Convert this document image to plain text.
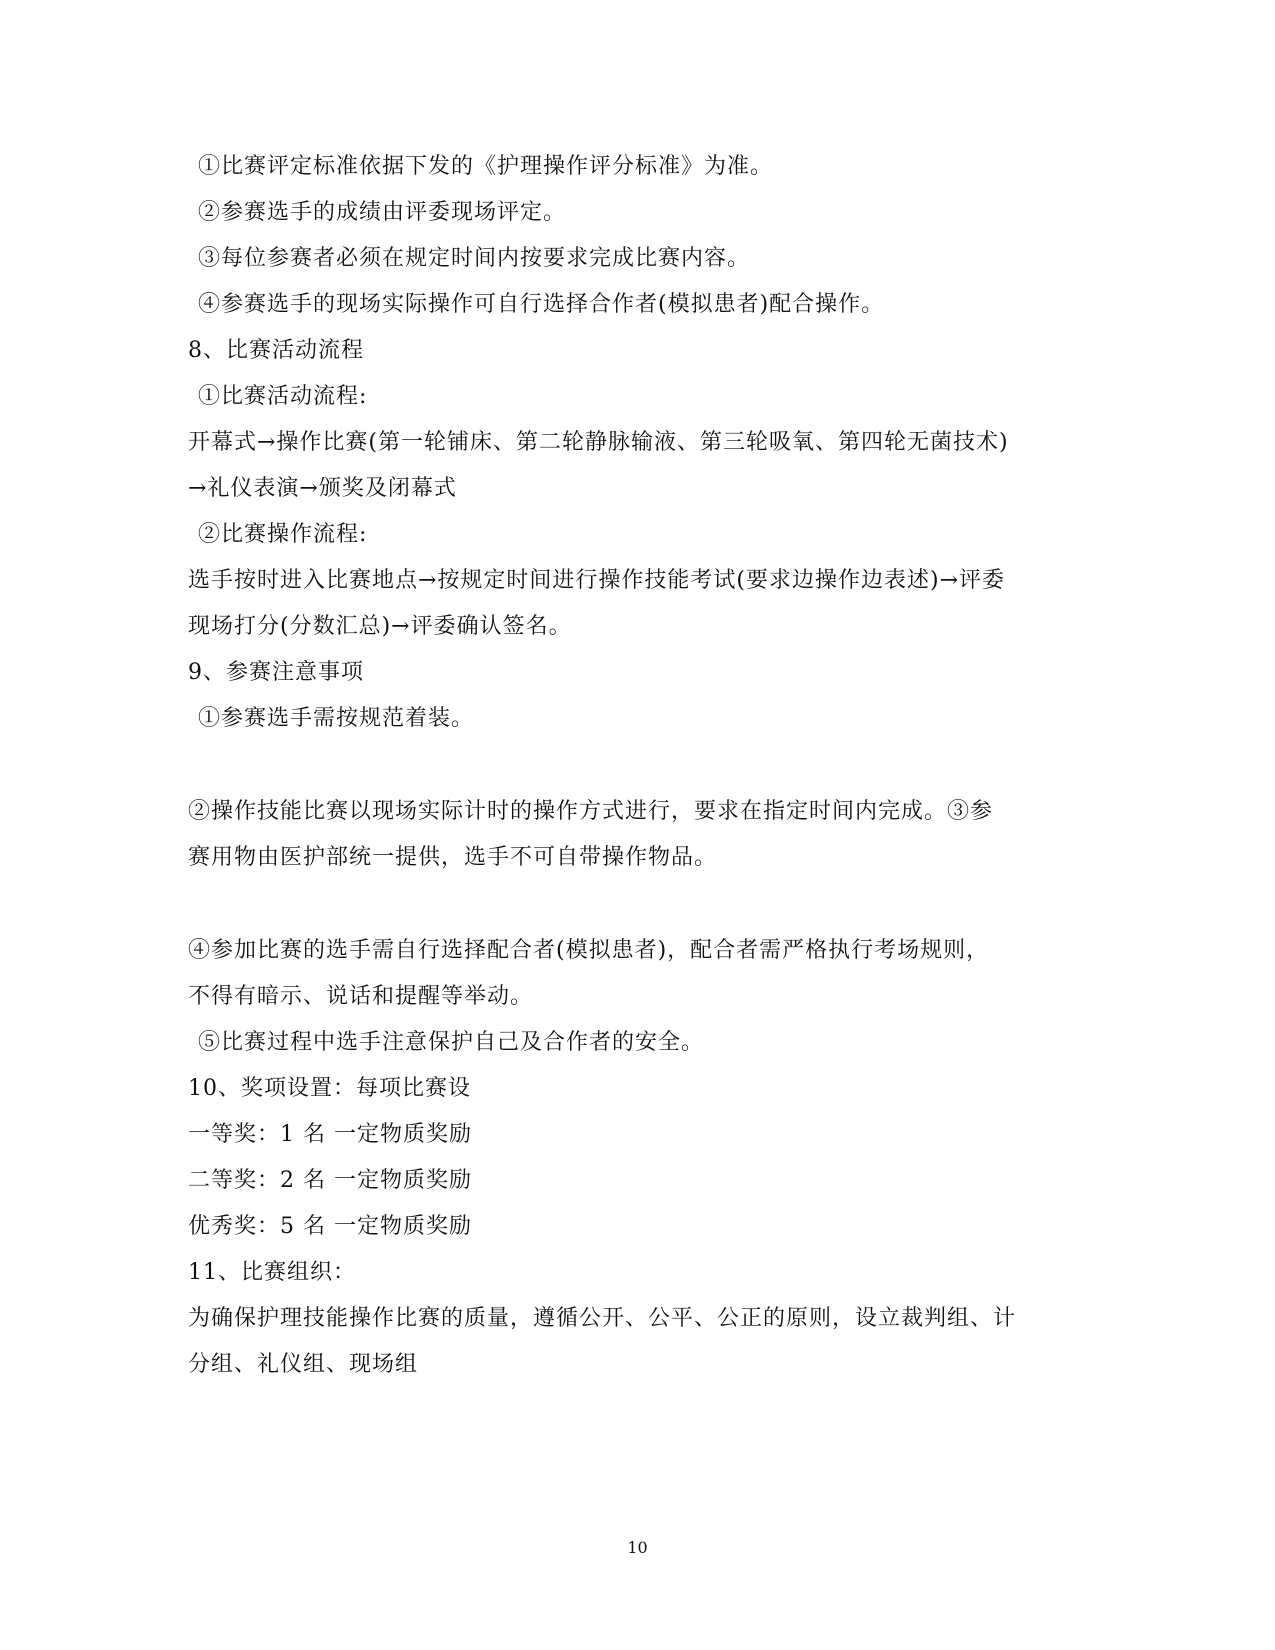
①比赛评定标准依据下发的《护理操作评分标准》为准。
②参赛选手的成绩由评委现场评定。
③每位参赛者必须在规定时间内按要求完成比赛内容。
④参赛选手的现场实际操作可自行选择合作者(模拟患者)配合操作。
8、比赛活动流程
①比赛活动流程:
开幕式→操作比赛(第一轮铺床、第二轮静脉输液、第三轮吸氧、第四轮无菌技术)
→礼仪表演→颁奖及闭幕式
②比赛操作流程:
选手按时进入比赛地点→按规定时间进行操作技能考试(要求边操作边表述)→评委
现场打分(分数汇总)→评委确认签名。
9、参赛注意事项
①参赛选手需按规范着装。
②操作技能比赛以现场实际计时的操作方式进行，要求在指定时间内完成。③参
赛用物由医护部统一提供，选手不可自带操作物品。
④参加比赛的选手需自行选择配合者(模拟患者)，配合者需严格执行考场规则，
不得有暗示、说话和提醒等举动。
⑤比赛过程中选手注意保护自己及合作者的安全。
10、奖项设置：每项比赛设
一等奖：1 名 一定物质奖励
二等奖：2 名 一定物质奖励
优秀奖：5 名 一定物质奖励
11、比赛组织：
为确保护理技能操作比赛的质量，遵循公开、公平、公正的原则，设立裁判组、计
分组、礼仪组、现场组
10
